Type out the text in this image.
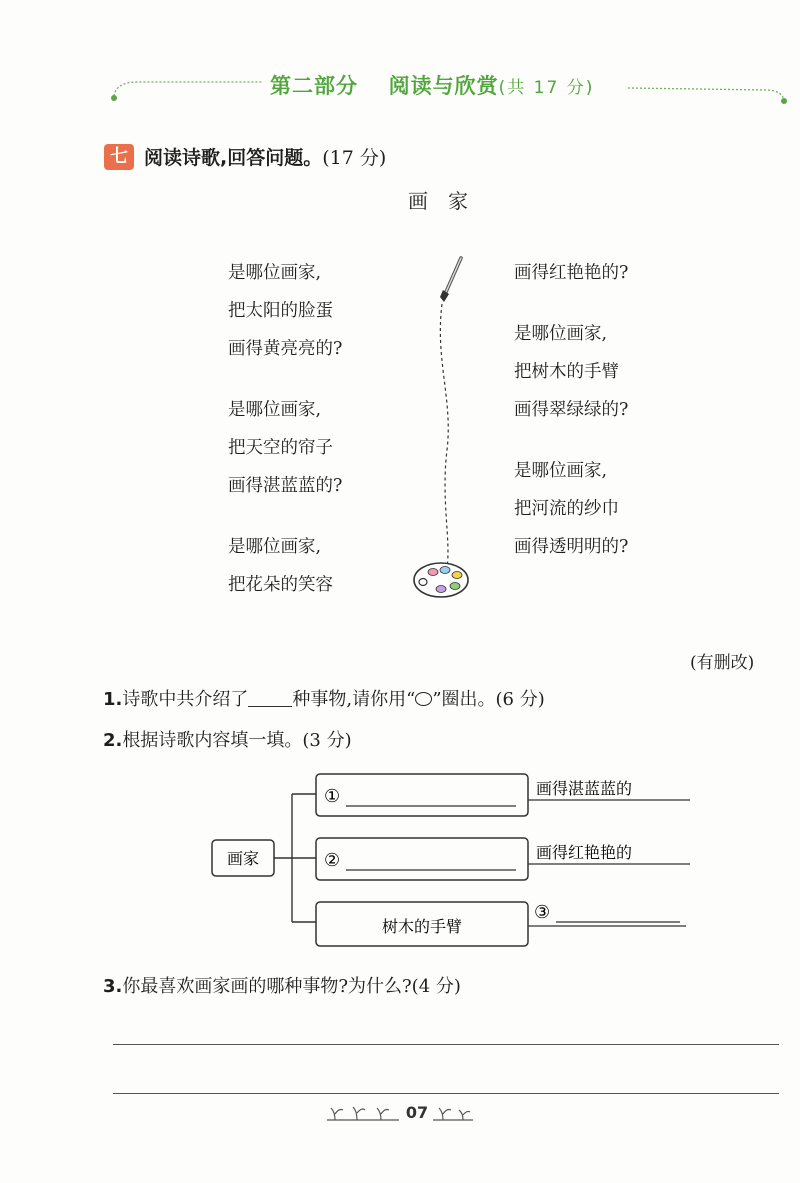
第二部分 阅读与欣赏(共 17 分)
七 阅读诗歌,回答问题。(17 分)
画家
是哪位画家,
把太阳的脸蛋
画得黄亮亮的?
是哪位画家,
把天空的帘子
画得湛蓝蓝的?
是哪位画家,
把花朵的笑容
画得红艳艳的?
是哪位画家,
把树木的手臂
画得翠绿绿的?
是哪位画家,
把河流的纱巾
画得透明明的?
(有删改)
1.诗歌中共介绍了 种事物,请你用“ ”圈出。(6 分)
2.根据诗歌内容填一填。(3 分)
画家
①	画得湛蓝蓝的
②	画得红艳艳的
树木的手臂
③
3.你最喜欢画家画的哪种事物?为什么?(4 分)
07
